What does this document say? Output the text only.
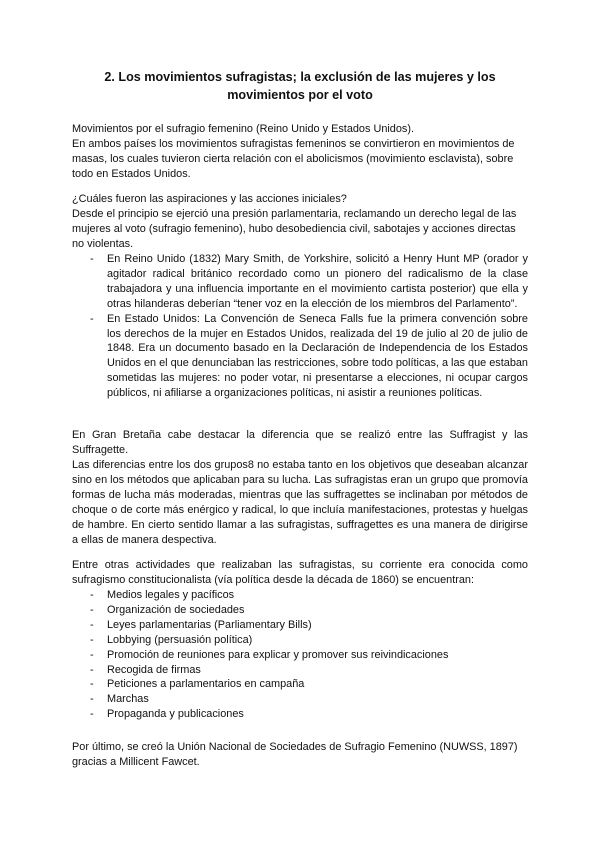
2. Los movimientos sufragistas; la exclusión de las mujeres y los movimientos por el voto
Movimientos por el sufragio femenino (Reino Unido y Estados Unidos).
En ambos países los movimientos sufragistas femeninos se convirtieron en movimientos de masas, los cuales tuvieron cierta relación con el abolicismos (movimiento esclavista), sobre todo en Estados Unidos.
¿Cuáles fueron las aspiraciones y las acciones iniciales?
Desde el principio se ejerció una presión parlamentaria, reclamando un derecho legal de las mujeres al voto (sufragio femenino), hubo desobediencia civil, sabotajes y acciones directas no violentas.
- En Reino Unido (1832) Mary Smith, de Yorkshire, solicitó a Henry Hunt MP (orador y agitador radical británico recordado como un pionero del radicalismo de la clase trabajadora y una influencia importante en el movimiento cartista posterior) que ella y otras hilanderas deberían “tener voz en la elección de los miembros del Parlamento”.
- En Estado Unidos: La Convención de Seneca Falls fue la primera convención sobre los derechos de la mujer en Estados Unidos, realizada del 19 de julio al 20 de julio de 1848. Era un documento basado en la Declaración de Independencia de los Estados Unidos en el que denunciaban las restricciones, sobre todo políticas, a las que estaban sometidas las mujeres: no poder votar, ni presentarse a elecciones, ni ocupar cargos públicos, ni afiliarse a organizaciones políticas, ni asistir a reuniones políticas.
En Gran Bretaña cabe destacar la diferencia que se realizó entre las Suffragist y las Suffragette.
Las diferencias entre los dos grupos8 no estaba tanto en los objetivos que deseaban alcanzar sino en los métodos que aplicaban para su lucha. Las sufragistas eran un grupo que promovía formas de lucha más moderadas, mientras que las suffragettes se inclinaban por métodos de choque o de corte más enérgico y radical, lo que incluía manifestaciones, protestas y huelgas de hambre. En cierto sentido llamar a las sufragistas, suffragettes es una manera de dirigirse a ellas de manera despectiva.
Entre otras actividades que realizaban las sufragistas, su corriente era conocida como sufragismo constitucionalista (vía política desde la década de 1860) se encuentran:
- Medios legales y pacíficos
- Organización de sociedades
- Leyes parlamentarias (Parliamentary Bills)
- Lobbying (persuasión política)
- Promoción de reuniones para explicar y promover sus reivindicaciones
- Recogida de firmas
- Peticiones a parlamentarios en campaña
- Marchas
- Propaganda y publicaciones
Por último, se creó la Unión Nacional de Sociedades de Sufragio Femenino (NUWSS, 1897) gracias a Millicent Fawcet.
